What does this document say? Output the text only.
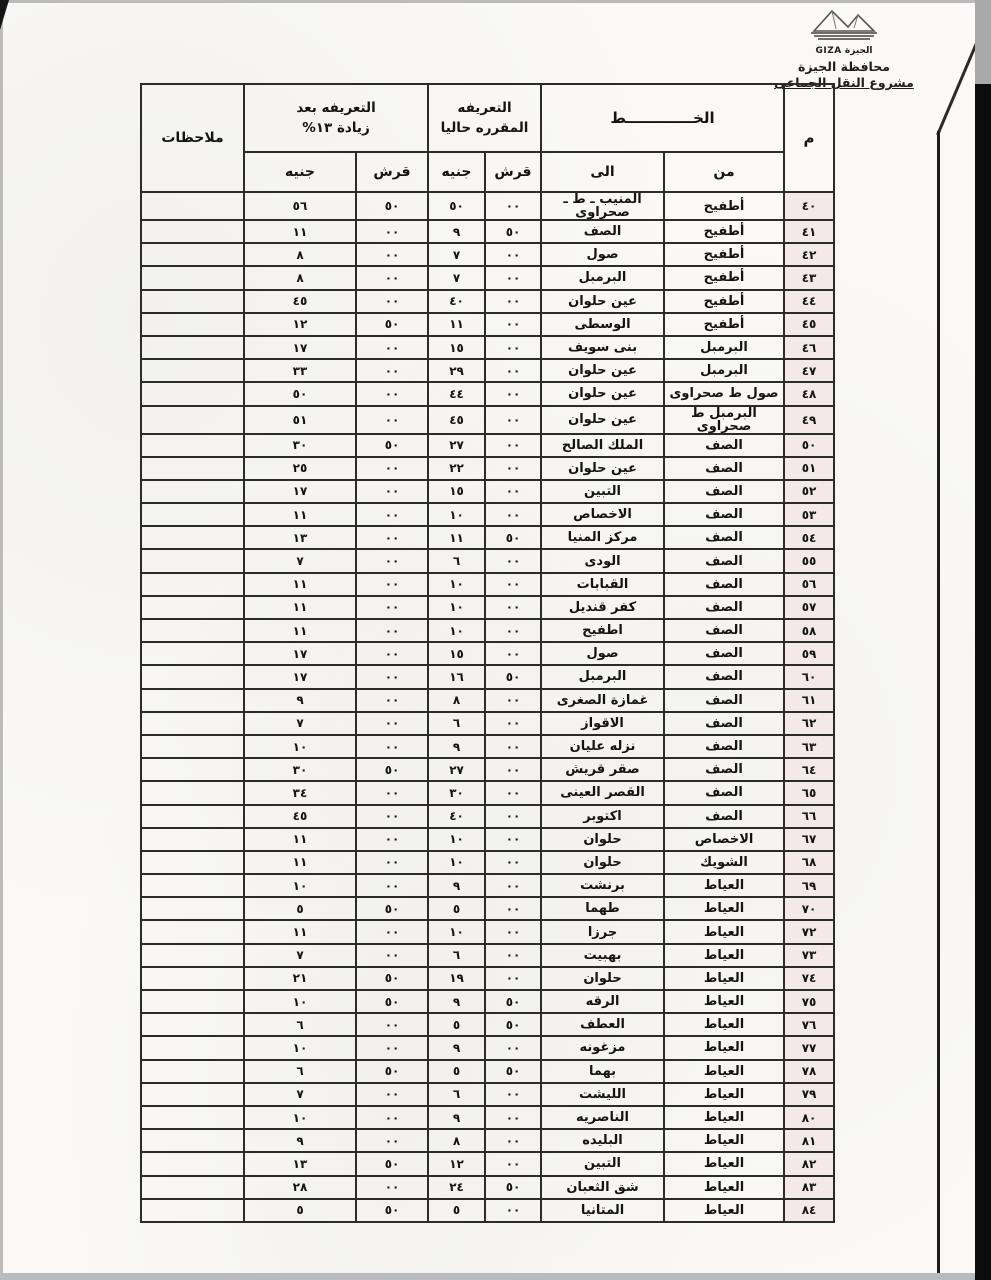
الجيزة GIZA
محافظة الجيزة
مشروع النقل الجماعى
م	الخـــــــــــــط	
التعريفه
المقرره حاليا

التعريفه بعد
زيادة ١٣%
	ملاحظات
	من	الى	قرش	جنيه	قرش	جنيه	
٤٠	أطفيح	المنيب ـ ط ـ صحراوى	٠٠	٥٠	٥٠	٥٦	
٤١	أطفيح	الصف	٥٠	٩	٠٠	١١	
٤٢	أطفيح	صول	٠٠	٧	٠٠	٨	
٤٣	أطفيح	البرمبل	٠٠	٧	٠٠	٨	
٤٤	أطفيح	عين حلوان	٠٠	٤٠	٠٠	٤٥	
٤٥	أطفيح	الوسطى	٠٠	١١	٥٠	١٢	
٤٦	البرمبل	بنى سويف	٠٠	١٥	٠٠	١٧	
٤٧	البرمبل	عين حلوان	٠٠	٢٩	٠٠	٣٣	
٤٨	صول ط صحراوى	عين حلوان	٠٠	٤٤	٠٠	٥٠	
٤٩	البرمبل ط صحراوى	عين حلوان	٠٠	٤٥	٠٠	٥١	
٥٠	الصف	الملك الصالح	٠٠	٢٧	٥٠	٣٠	
٥١	الصف	عين حلوان	٠٠	٢٢	٠٠	٢٥	
٥٢	الصف	التبين	٠٠	١٥	٠٠	١٧	
٥٣	الصف	الاخصاص	٠٠	١٠	٠٠	١١	
٥٤	الصف	مركز المنيا	٥٠	١١	٠٠	١٣	
٥٥	الصف	الودى	٠٠	٦	٠٠	٧	
٥٦	الصف	القبابات	٠٠	١٠	٠٠	١١	
٥٧	الصف	كفر قنديل	٠٠	١٠	٠٠	١١	
٥٨	الصف	اطفيح	٠٠	١٠	٠٠	١١	
٥٩	الصف	صول	٠٠	١٥	٠٠	١٧	
٦٠	الصف	البرمبل	٥٠	١٦	٠٠	١٧	
٦١	الصف	غمازة الصغرى	٠٠	٨	٠٠	٩	
٦٢	الصف	الاقواز	٠٠	٦	٠٠	٧	
٦٣	الصف	نزله عليان	٠٠	٩	٠٠	١٠	
٦٤	الصف	صقر قريش	٠٠	٢٧	٥٠	٣٠	
٦٥	الصف	القصر العينى	٠٠	٣٠	٠٠	٣٤	
٦٦	الصف	اكتوبر	٠٠	٤٠	٠٠	٤٥	
٦٧	الاخصاص	حلوان	٠٠	١٠	٠٠	١١	
٦٨	الشويك	حلوان	٠٠	١٠	٠٠	١١	
٦٩	العياط	برنشت	٠٠	٩	٠٠	١٠	
٧٠	العياط	طهما	٠٠	٥	٥٠	٥	
٧٢	العياط	جرزا	٠٠	١٠	٠٠	١١	
٧٣	العياط	بهبيت	٠٠	٦	٠٠	٧	
٧٤	العياط	حلوان	٠٠	١٩	٥٠	٢١	
٧٥	العياط	الرقه	٥٠	٩	٥٠	١٠	
٧٦	العياط	العطف	٥٠	٥	٠٠	٦	
٧٧	العياط	مزغونه	٠٠	٩	٠٠	١٠	
٧٨	العياط	بهما	٥٠	٥	٥٠	٦	
٧٩	العياط	الليشت	٠٠	٦	٠٠	٧	
٨٠	العياط	الناصريه	٠٠	٩	٠٠	١٠	
٨١	العياط	البليده	٠٠	٨	٠٠	٩	
٨٢	العياط	التبين	٠٠	١٢	٥٠	١٣	
٨٣	العياط	شق الثعبان	٥٠	٢٤	٠٠	٢٨	
٨٤	العياط	المتانيا	٠٠	٥	٥٠	٥	
